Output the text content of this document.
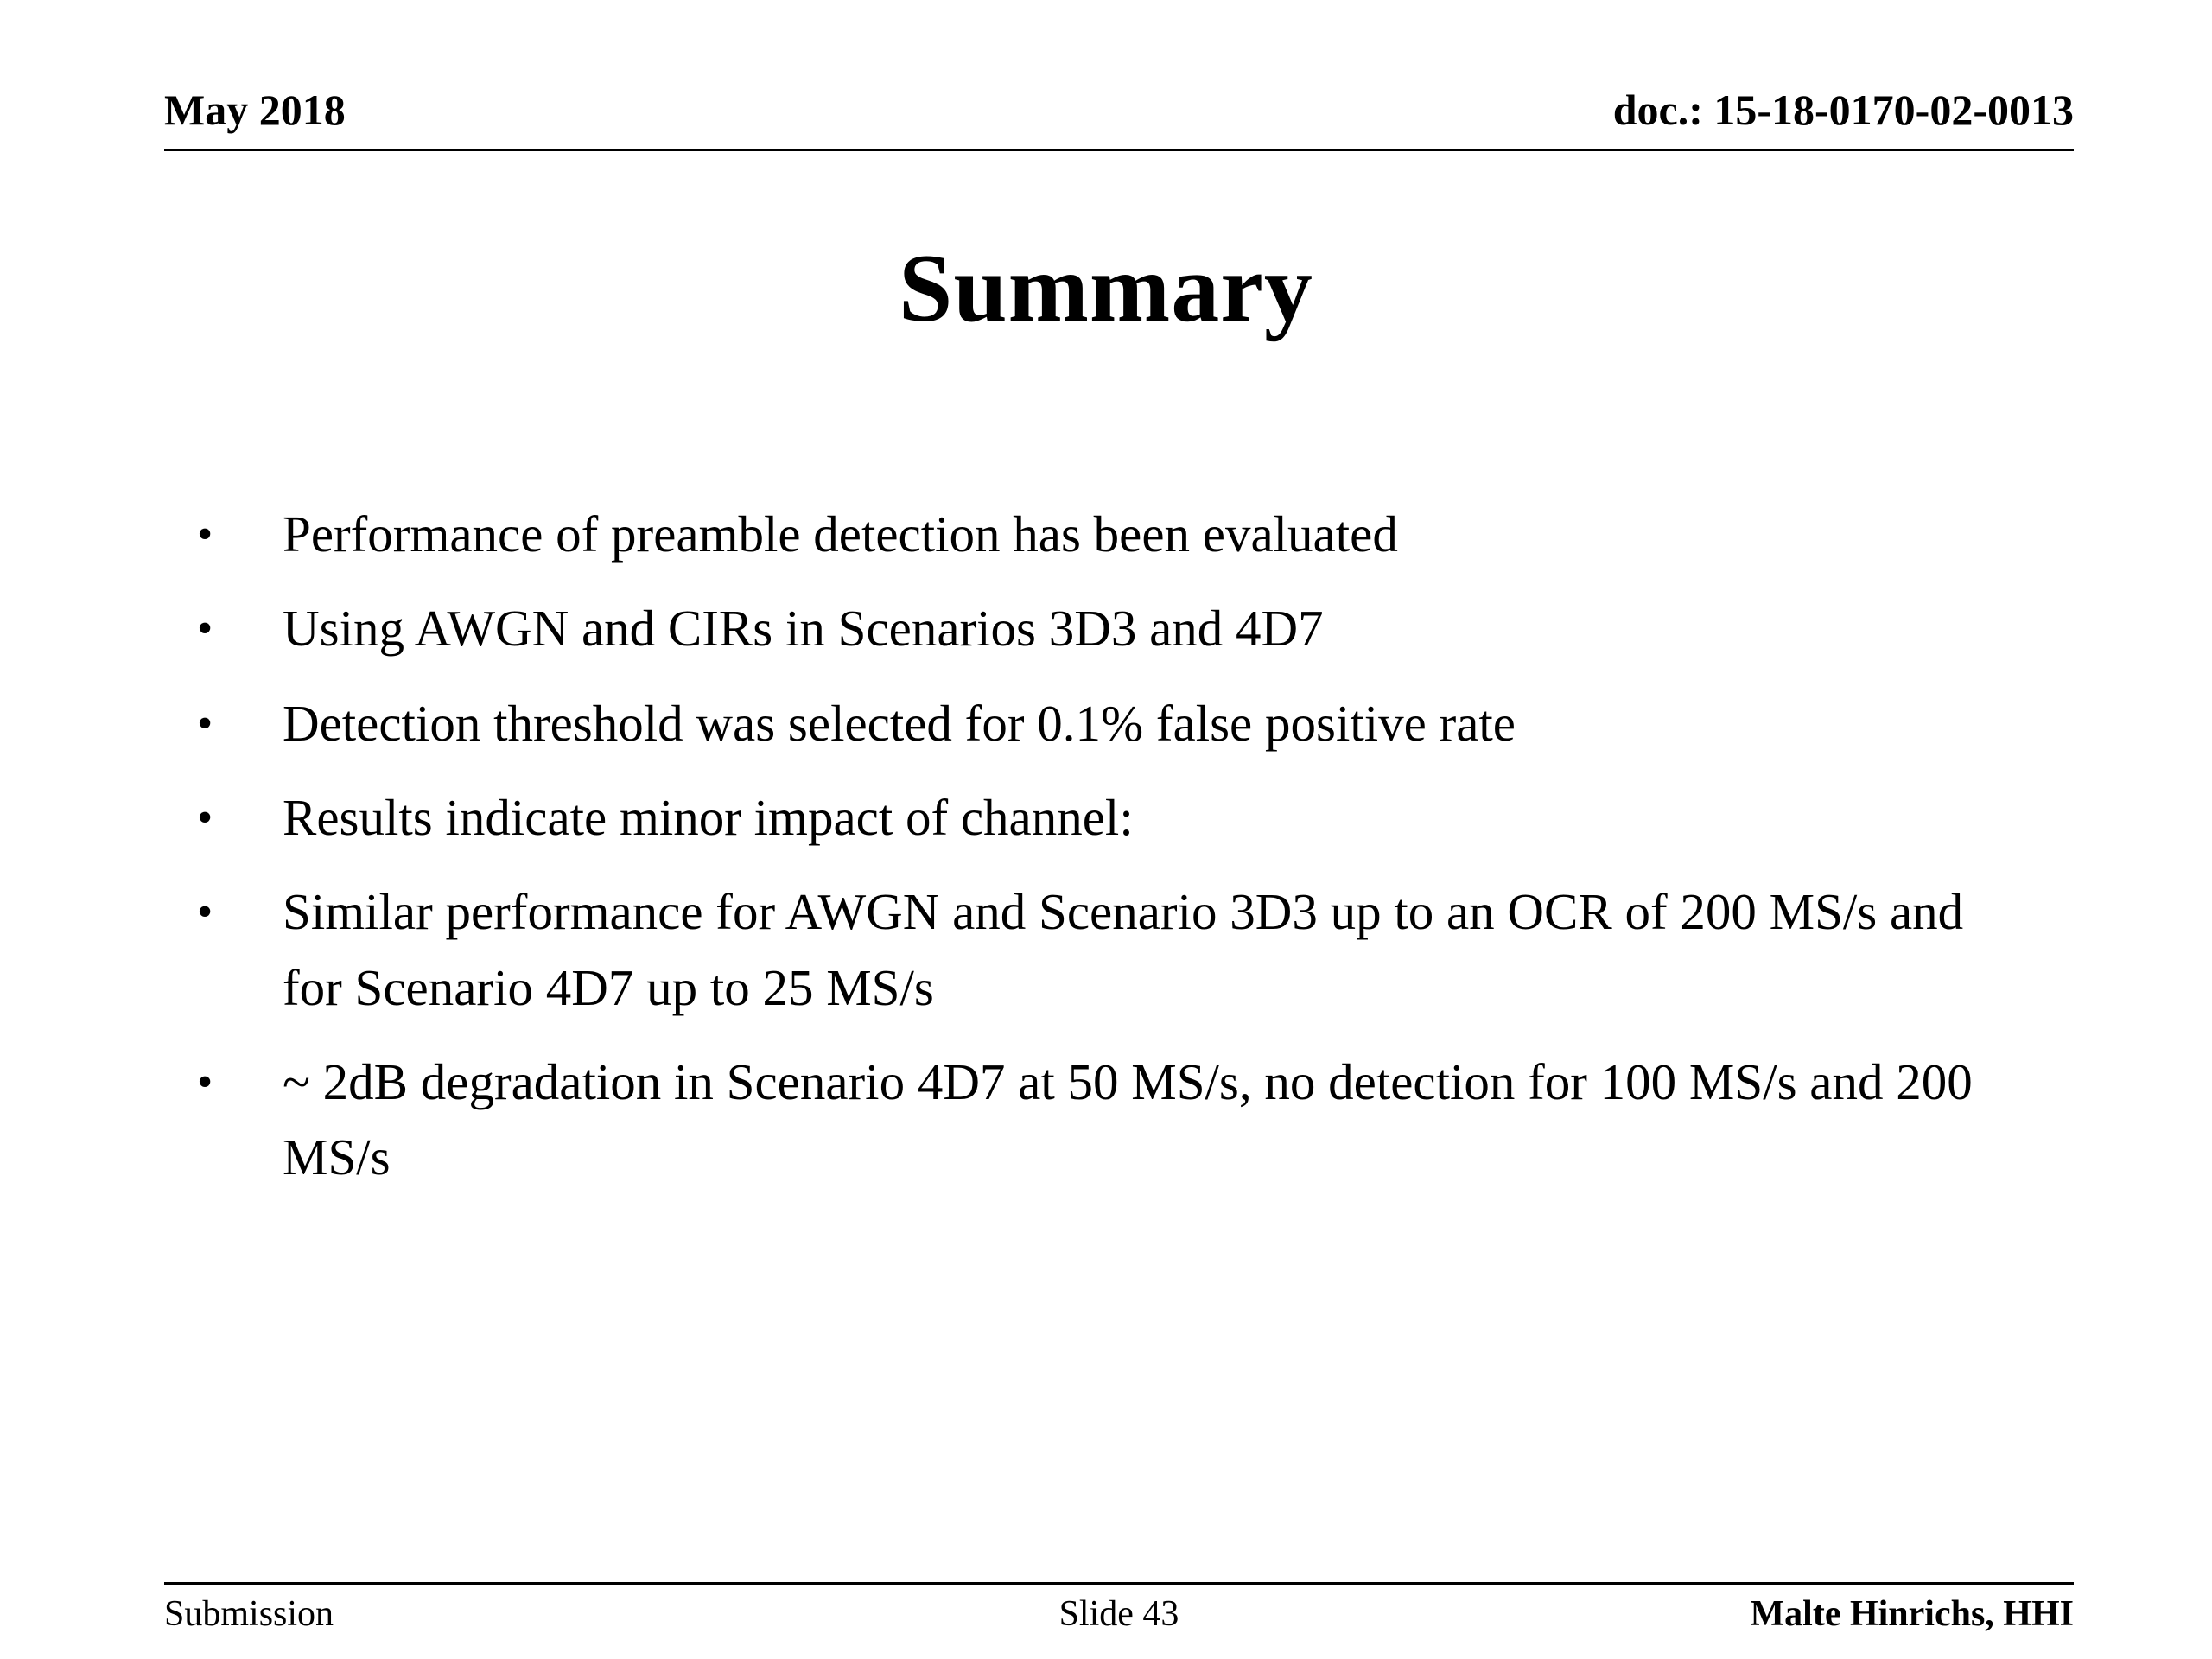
May 2018	doc.: 15-18-0170-02-0013
Summary
• Performance of preamble detection has been evaluated
• Using AWGN and CIRs in Scenarios 3D3 and 4D7
• Detection threshold was selected for 0.1% false positive rate
• Results indicate minor impact of channel:
• Similar performance for AWGN and Scenario 3D3 up to an OCR of 200 MS/s and for Scenario 4D7 up to 25 MS/s
• ~ 2dB degradation in Scenario 4D7 at 50 MS/s, no detection for 100 MS/s and 200 MS/s
Submission	Slide 43	Malte Hinrichs, HHI
